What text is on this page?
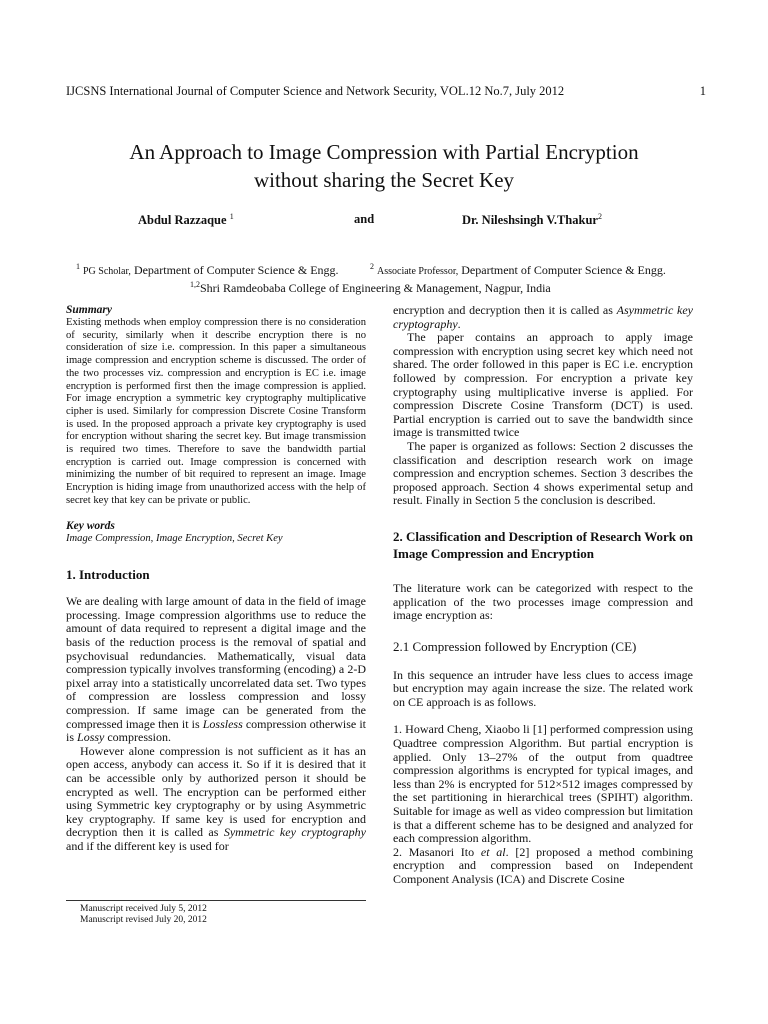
IJCSNS International Journal of Computer Science and Network Security, VOL.12 No.7, July 2012	1
An Approach to Image Compression with Partial Encryption
without sharing the Secret Key
Abdul Razzaque $^1$	and	Dr. Nileshsingh V.Thakur$^2$
$^1$ PG Scholar, Department of Computer Science & Engg.	$^2$ Associate Professor, Department of Computer Science & Engg.
$^{1,2}$Shri Ramdeobaba College of Engineering & Management, Nagpur, India
Summary
Existing methods when employ compression there is no consideration of security, similarly when it describe encryption there is no consideration of size i.e. compression. In this paper a simultaneous image compression and encryption scheme is discussed. The order of the two processes viz. compression and encryption is EC i.e. image encryption is performed first then the image compression is applied. For image encryption a symmetric key cryptography multiplicative cipher is used. Similarly for compression Discrete Cosine Transform is used. In the proposed approach a private key cryptography is used for encryption without sharing the secret key. But image transmission is required two times. Therefore to save the bandwidth partial encryption is carried out. Image compression is concerned with minimizing the number of bit required to represent an image. Image Encryption is hiding image from unauthorized access with the help of secret key that key can be private or public.
Key words
Image Compression, Image Encryption, Secret Key
1. Introduction

We are dealing with large amount of data in the field of image processing. Image compression algorithms use to reduce the amount of data required to represent a digital image and the basis of the reduction process is the removal of spatial and psychovisual redundancies. Mathematically, visual data compression typically involves transforming (encoding) a 2-D pixel array into a statistically uncorrelated data set. Two types of compression are lossless compression and lossy compression. If same image can be generated from the compressed image then it is Lossless compression otherwise it is Lossy compression.

However alone compression is not sufficient as it has an open access, anybody can access it. So if it is desired that it can be accessible only by authorized person it should be encrypted as well. The encryption can be performed either using Symmetric key cryptography or by using Asymmetric key cryptography. If same key is used for encryption and decryption then it is called as Symmetric key cryptography and if the different key is used for

encryption and decryption then it is called as Asymmetric key cryptography.

The paper contains an approach to apply image compression with encryption using secret key which need not shared. The order followed in this paper is EC i.e. encryption followed by compression. For encryption a private key cryptography using multiplicative inverse is applied. For compression Discrete Cosine Transform (DCT) is used. Partial encryption is carried out to save the bandwidth since image is transmitted twice

The paper is organized as follows: Section 2 discusses the classification and description research work on image compression and encryption schemes. Section 3 describes the proposed approach. Section 4 shows experimental setup and result. Finally in Section 5 the conclusion is described.

2. Classification and Description of Research Work on Image Compression and Encryption
The literature work can be categorized with respect to the application of the two processes image compression and image encryption as:
2.1 Compression followed by Encryption (CE)
In this sequence an intruder have less clues to access image but encryption may again increase the size. The related work on CE approach is as follows.

1. Howard Cheng, Xiaobo li [1] performed compression using Quadtree compression Algorithm. But partial encryption is applied. Only 13–27% of the output from quadtree compression algorithms is encrypted for typical images, and less than 2% is encrypted for 512×512 images compressed by the set partitioning in hierarchical trees (SPIHT) algorithm. Suitable for image as well as video compression but limitation is that a different scheme has to be designed and analyzed for each compression algorithm.

2. Masanori Ito et al. [2] proposed a method combining encryption and compression based on Independent Component Analysis (ICA) and Discrete Cosine

Manuscript received July 5, 2012
Manuscript revised July 20, 2012
